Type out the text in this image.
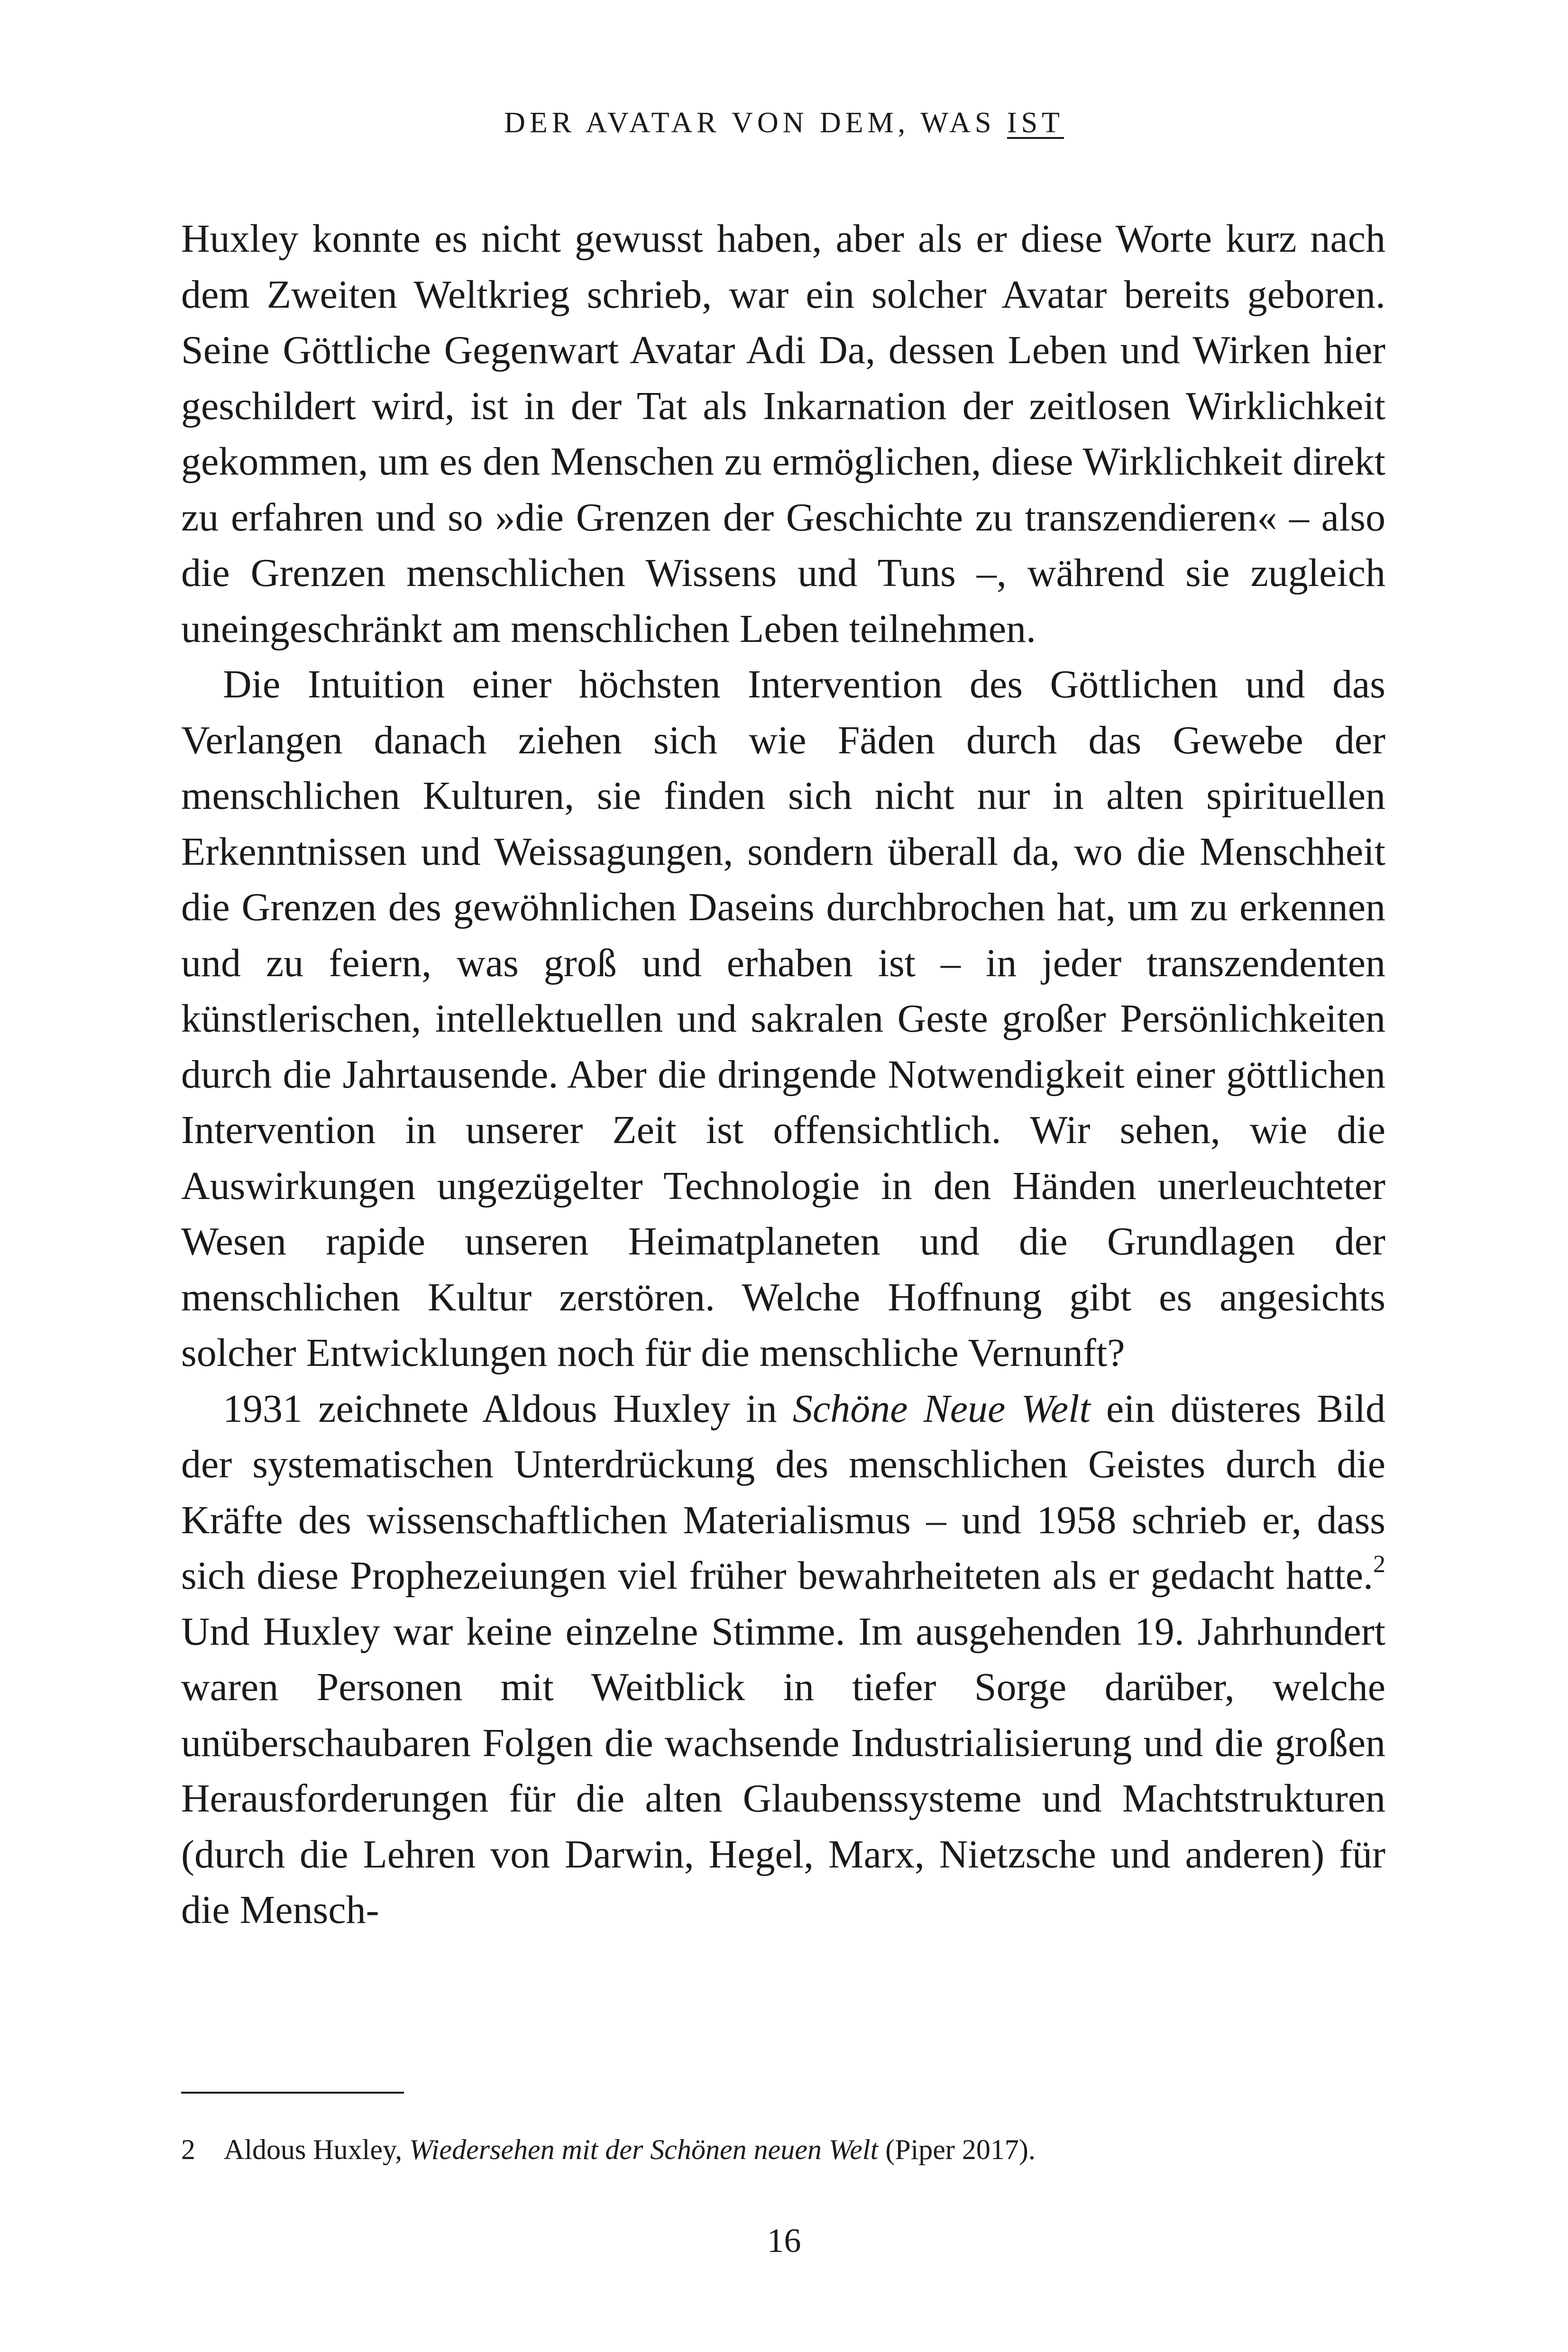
DER AVATAR VON DEM, WAS IST

Huxley konnte es nicht gewusst haben, aber als er diese Worte kurz nach dem Zweiten Weltkrieg schrieb, war ein solcher Avatar bereits geboren. Seine Göttliche Gegenwart Avatar Adi Da, dessen Leben und Wirken hier geschildert wird, ist in der Tat als Inkarnation der zeitlosen Wirklichkeit gekommen, um es den Menschen zu ermöglichen, diese Wirklichkeit direkt zu erfahren und so »die Grenzen der Geschichte zu transzendieren« – also die Grenzen menschlichen Wissens und Tuns –, während sie zugleich uneingeschränkt am menschlichen Leben teilnehmen.

Die Intuition einer höchsten Intervention des Göttlichen und das Verlangen danach ziehen sich wie Fäden durch das Gewebe der menschlichen Kulturen, sie finden sich nicht nur in alten spirituellen Erkenntnissen und Weissagungen, sondern überall da, wo die Menschheit die Grenzen des gewöhnlichen Daseins durchbrochen hat, um zu erkennen und zu feiern, was groß und erhaben ist – in jeder transzendenten künstlerischen, intellektuellen und sakralen Geste großer Persönlichkeiten durch die Jahrtausende. Aber die dringende Notwendigkeit einer göttlichen Intervention in unserer Zeit ist offensichtlich. Wir sehen, wie die Auswirkungen ungezügelter Technologie in den Händen unerleuchteter Wesen rapide unseren Heimatplaneten und die Grundlagen der menschlichen Kultur zerstören. Welche Hoffnung gibt es angesichts solcher Entwicklungen noch für die menschliche Vernunft?

1931 zeichnete Aldous Huxley in Schöne Neue Welt ein düsteres Bild der systematischen Unterdrückung des menschlichen Geistes durch die Kräfte des wissenschaftlichen Materialismus – und 1958 schrieb er, dass sich diese Prophezeiungen viel früher bewahrheiteten als er gedacht hatte.$^2$ Und Huxley war keine einzelne Stimme. Im ausgehenden 19. Jahrhundert waren Personen mit Weitblick in tiefer Sorge darüber, welche unüberschaubaren Folgen die wachsende Industrialisierung und die großen Herausforderungen für die alten Glaubenssysteme und Machtstrukturen (durch die Lehren von Darwin, Hegel, Marx, Nietzsche und anderen) für die Mensch-

2 Aldous Huxley, Wiedersehen mit der Schönen neuen Welt (Piper 2017).
16
